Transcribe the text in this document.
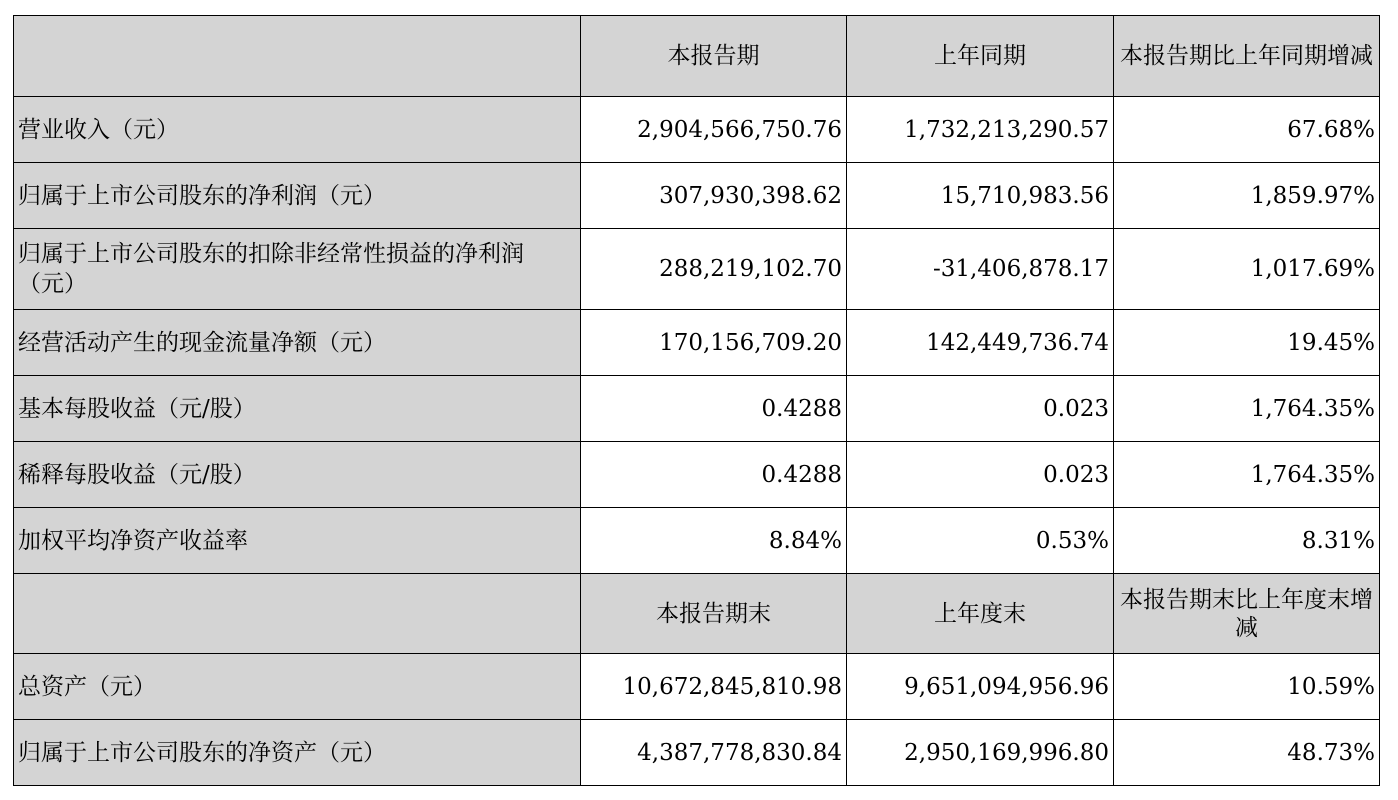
	本报告期	上年同期	本报告期比上年同期增减
营业收入（元）	2,904,566,750.76	1,732,213,290.57	67.68%
归属于上市公司股东的净利润（元）	307,930,398.62	15,710,983.56	1,859.97%
归属于上市公司股东的扣除非经常性损益的净利润（元）	288,219,102.70	-31,406,878.17	1,017.69%
经营活动产生的现金流量净额（元）	170,156,709.20	142,449,736.74	19.45%
基本每股收益（元/股）	0.4288	0.023	1,764.35%
稀释每股收益（元/股）	0.4288	0.023	1,764.35%
加权平均净资产收益率	8.84%	0.53%	8.31%
	本报告期末	上年度末	本报告期末比上年度末增减
总资产（元）	10,672,845,810.98	9,651,094,956.96	10.59%
归属于上市公司股东的净资产（元）	4,387,778,830.84	2,950,169,996.80	48.73%
